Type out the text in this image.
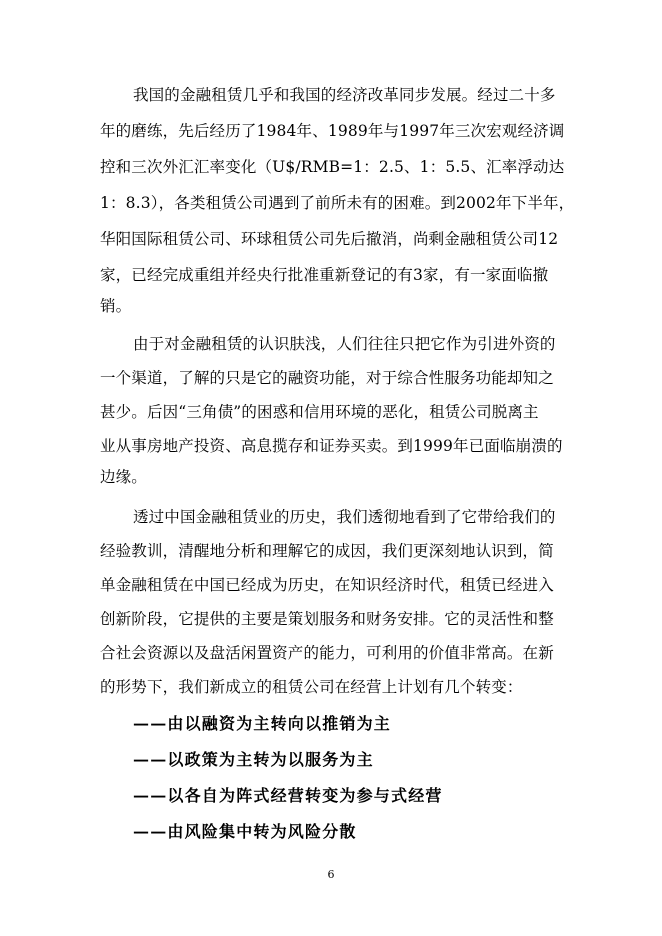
我国的金融租赁几乎和我国的经济改革同步发展。经过二十多
年的磨练，先后经历了1984年、1989年与1997年三次宏观经济调
控和三次外汇汇率变化（U$/RMB=1：2.5、1：5.5、汇率浮动达
1：8.3），各类租赁公司遇到了前所未有的困难。到2002年下半年，
华阳国际租赁公司、环球租赁公司先后撤消，尚剩金融租赁公司12
家，已经完成重组并经央行批准重新登记的有3家，有一家面临撤
销。
由于对金融租赁的认识肤浅，人们往往只把它作为引进外资的
一个渠道，了解的只是它的融资功能，对于综合性服务功能却知之
甚少。后因“三角债”的困惑和信用环境的恶化，租赁公司脱离主
业从事房地产投资、高息揽存和证券买卖。到1999年已面临崩溃的
边缘。
透过中国金融租赁业的历史，我们透彻地看到了它带给我们的
经验教训，清醒地分析和理解它的成因，我们更深刻地认识到，简
单金融租赁在中国已经成为历史，在知识经济时代，租赁已经进入
创新阶段，它提供的主要是策划服务和财务安排。它的灵活性和整
合社会资源以及盘活闲置资产的能力，可利用的价值非常高。在新
的形势下，我们新成立的租赁公司在经营上计划有几个转变：
——由以融资为主转向以推销为主
——以政策为主转为以服务为主
——以各自为阵式经营转变为参与式经营
——由风险集中转为风险分散
6
